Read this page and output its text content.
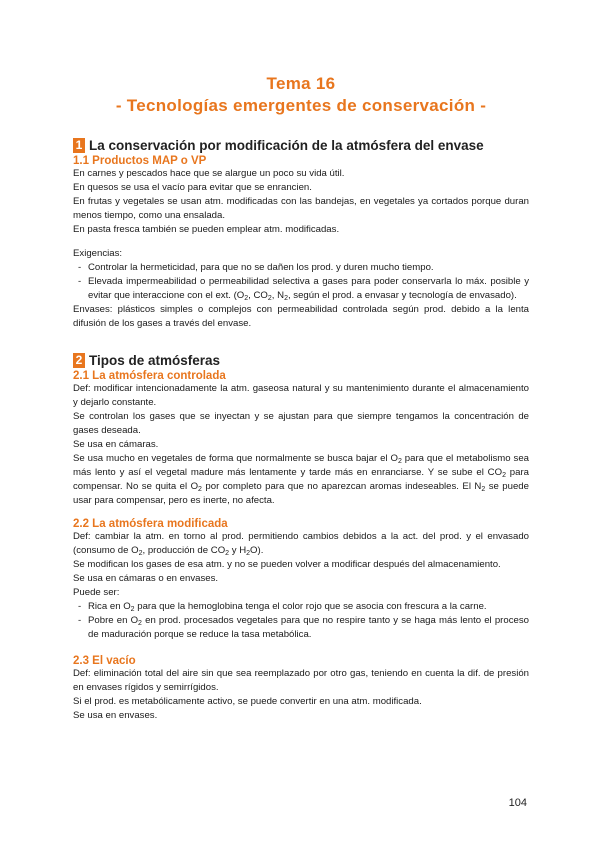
Tema 16
- Tecnologías emergentes de conservación -
1 La conservación por modificación de la atmósfera del envase
1.1 Productos MAP o VP

En carnes y pescados hace que se alargue un poco su vida útil.

En quesos se usa el vacío para evitar que se enrancien.

En frutas y vegetales se usan atm. modificadas con las bandejas, en vegetales ya cortados porque duran menos tiempo, como una ensalada.

En pasta fresca también se pueden emplear atm. modificadas.

Exigencias:

- Controlar la hermeticidad, para que no se dañen los prod. y duren mucho tiempo.
- Elevada impermeabilidad o permeabilidad selectiva a gases para poder conservarla lo máx. posible y evitar que interaccione con el ext. ($O_2$, $CO_2$, $N_2$, según el prod. a envasar y tecnología de envasado).

Envases: plásticos simples o complejos con permeabilidad controlada según prod. debido a la lenta difusión de los gases a través del envase.

2 Tipos de atmósferas
2.1 La atmósfera controlada

Def: modificar intencionadamente la atm. gaseosa natural y su mantenimiento durante el almacenamiento y dejarlo constante.

Se controlan los gases que se inyectan y se ajustan para que siempre tengamos la concentración de gases deseada.

Se usa en cámaras.

Se usa mucho en vegetales de forma que normalmente se busca bajar el $O_2$ para que el metabolismo sea más lento y así el vegetal madure más lentamente y tarde más en enranciarse. Y se sube el $CO_2$ para compensar. No se quita el $O_2$ por completo para que no aparezcan aromas indeseables. El $N_2$ se puede usar para compensar, pero es inerte, no afecta.

2.2 La atmósfera modificada

Def: cambiar la atm. en torno al prod. permitiendo cambios debidos a la act. del prod. y el envasado (consumo de $O_2$, producción de $CO_2$ y $H_2O$).

Se modifican los gases de esa atm. y no se pueden volver a modificar después del almacenamiento.

Se usa en cámaras o en envases.

Puede ser:

- Rica en $O_2$ para que la hemoglobina tenga el color rojo que se asocia con frescura a la carne.
- Pobre en $O_2$ en prod. procesados vegetales para que no respire tanto y se haga más lento el proceso de maduración porque se reduce la tasa metabólica.
2.3 El vacío

Def: eliminación total del aire sin que sea reemplazado por otro gas, teniendo en cuenta la dif. de presión en envases rígidos y semirrígidos.

Si el prod. es metabólicamente activo, se puede convertir en una atm. modificada.

Se usa en envases.

104
